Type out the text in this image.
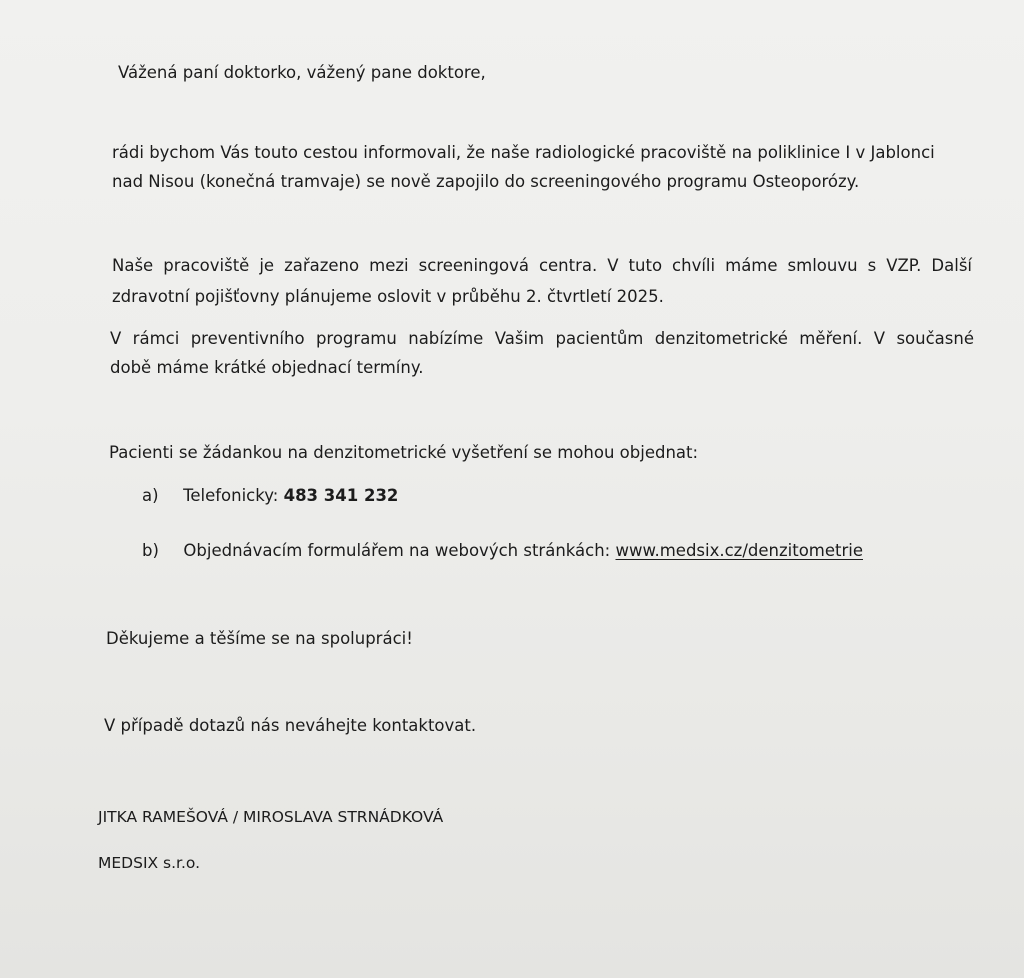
Vážená paní doktorko, vážený pane doktore,

rádi bychom Vás touto cestou informovali, že naše radiologické pracoviště na poliklinice I v Jablonci

nad Nisou (konečná tramvaje) se nově zapojilo do screeningového programu Osteoporózy.

Naše pracoviště je zařazeno mezi screeningová centra. V tuto chvíli máme smlouvu s VZP. Další

zdravotní pojišťovny plánujeme oslovit v průběhu 2. čtvrtletí 2025.

V rámci preventivního programu nabízíme Vašim pacientům denzitometrické měření. V současné

době máme krátké objednací termíny.

Pacienti se žádankou na denzitometrické vyšetření se mohou objednat:

a) Telefonicky: 483 341 232

b) Objednávacím formulářem na webových stránkách: www.medsix.cz/denzitometrie

Děkujeme a těšíme se na spolupráci!

V případě dotazů nás neváhejte kontaktovat.

JITKA RAMEŠOVÁ / MIROSLAVA STRNÁDKOVÁ

MEDSIX s.r.o.
